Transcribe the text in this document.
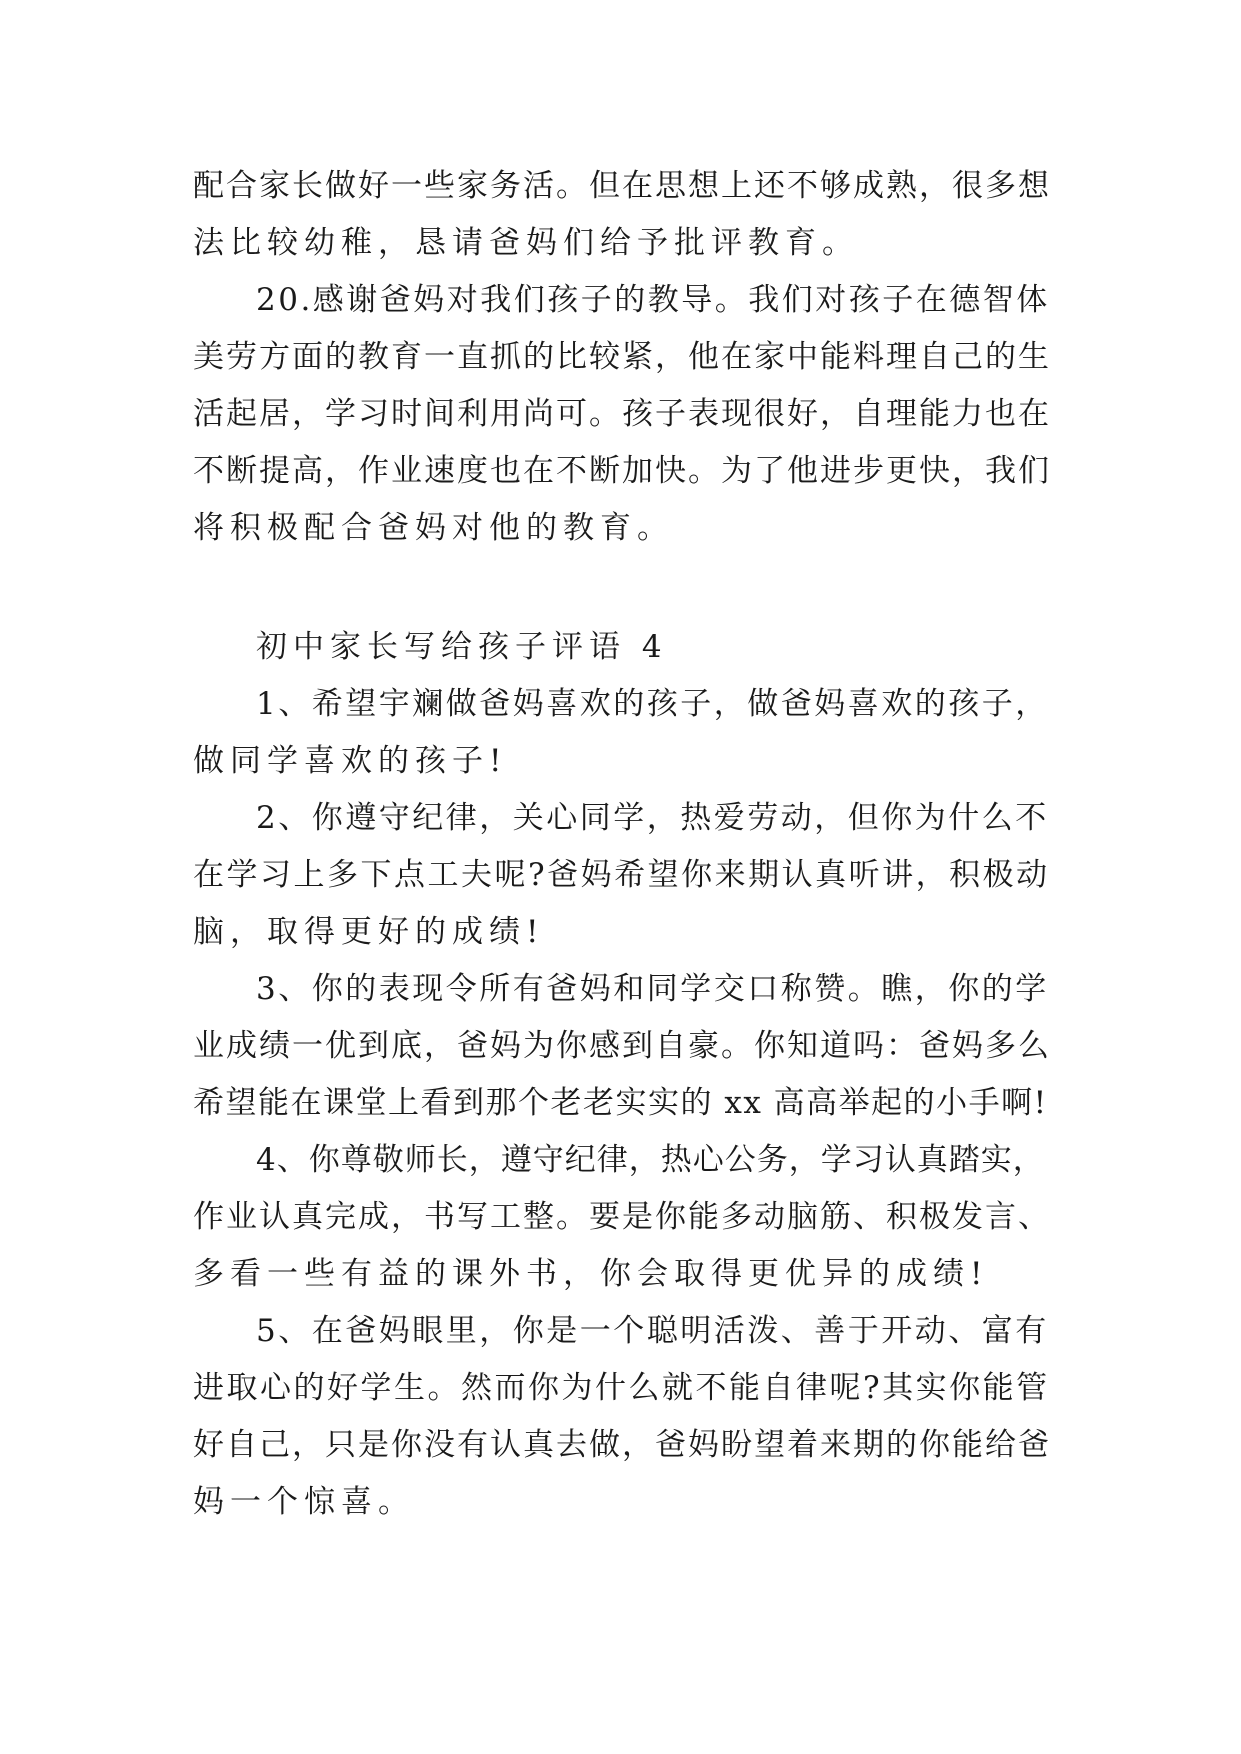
配合家长做好一些家务活。但在思想上还不够成熟，很多想
法比较幼稚，恳请爸妈们给予批评教育。
20.感谢爸妈对我们孩子的教导。我们对孩子在德智体
美劳方面的教育一直抓的比较紧，他在家中能料理自己的生
活起居，学习时间利用尚可。孩子表现很好，自理能力也在
不断提高，作业速度也在不断加快。为了他进步更快，我们
将积极配合爸妈对他的教育。
初中家长写给孩子评语 4
1、希望宇斓做爸妈喜欢的孩子，做爸妈喜欢的孩子，
做同学喜欢的孩子!
2、你遵守纪律，关心同学，热爱劳动，但你为什么不
在学习上多下点工夫呢?爸妈希望你来期认真听讲，积极动
脑，取得更好的成绩!
3、你的表现令所有爸妈和同学交口称赞。瞧，你的学
业成绩一优到底，爸妈为你感到自豪。你知道吗：爸妈多么
希望能在课堂上看到那个老老实实的 xx 高高举起的小手啊!
4、你尊敬师长，遵守纪律，热心公务，学习认真踏实，
作业认真完成，书写工整。要是你能多动脑筋、积极发言、
多看一些有益的课外书，你会取得更优异的成绩!
5、在爸妈眼里，你是一个聪明活泼、善于开动、富有
进取心的好学生。然而你为什么就不能自律呢?其实你能管
好自己，只是你没有认真去做，爸妈盼望着来期的你能给爸
妈一个惊喜。
